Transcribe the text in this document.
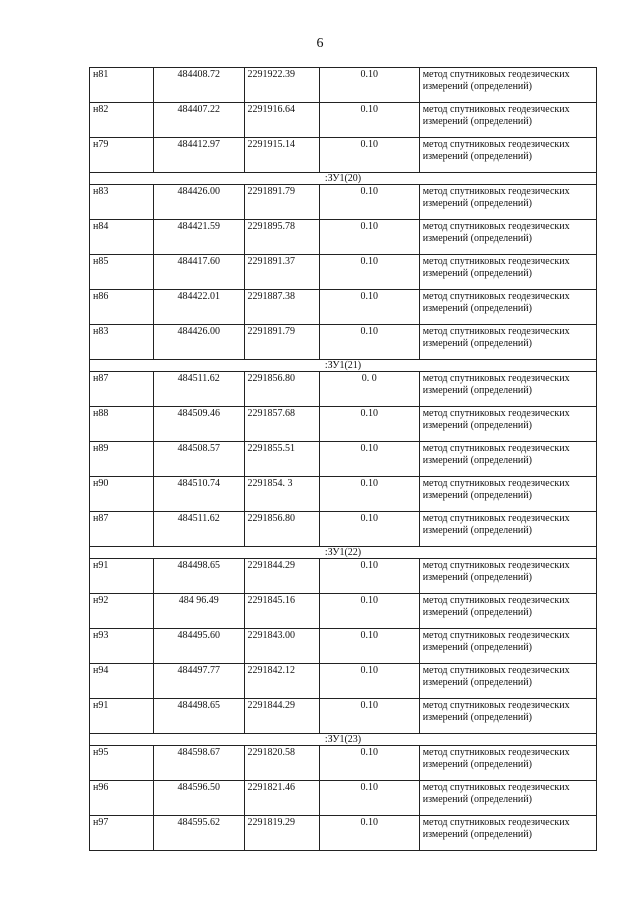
6
н81	484408.72	2291922.39	0.10	метод спутниковых геодезических измерений (определений)
н82	484407.22	2291916.64	0.10	метод спутниковых геодезических измерений (определений)
н79	484412.97	2291915.14	0.10	метод спутниковых геодезических измерений (определений)
:ЗУ1(20)				
н83	484426.00	2291891.79	0.10	метод спутниковых геодезических измерений (определений)
н84	484421.59	2291895.78	0.10	метод спутниковых геодезических измерений (определений)
н85	484417.60	2291891.37	0.10	метод спутниковых геодезических измерений (определений)
н86	484422.01	2291887.38	0.10	метод спутниковых геодезических измерений (определений)
н83	484426.00	2291891.79	0.10	метод спутниковых геодезических измерений (определений)
:ЗУ1(21)				
н87	484511.62	2291856.80	0. 0	метод спутниковых геодезических измерений (определений)
н88	484509.46	2291857.68	0.10	метод спутниковых геодезических измерений (определений)
н89	484508.57	2291855.51	0.10	метод спутниковых геодезических измерений (определений)
н90	484510.74	2291854. 3	0.10	метод спутниковых геодезических измерений (определений)
н87	484511.62	2291856.80	0.10	метод спутниковых геодезических измерений (определений)
:ЗУ1(22)				
н91	484498.65	2291844.29	0.10	метод спутниковых геодезических измерений (определений)
н92	484 96.49	2291845.16	0.10	метод спутниковых геодезических измерений (определений)
н93	484495.60	2291843.00	0.10	метод спутниковых геодезических измерений (определений)
н94	484497.77	2291842.12	0.10	метод спутниковых геодезических измерений (определений)
н91	484498.65	2291844.29	0.10	метод спутниковых геодезических измерений (определений)
:ЗУ1(23)				
н95	484598.67	2291820.58	0.10	метод спутниковых геодезических измерений (определений)
н96	484596.50	2291821.46	0.10	метод спутниковых геодезических измерений (определений)
н97	484595.62	2291819.29	0.10	метод спутниковых геодезических измерений (определений)
